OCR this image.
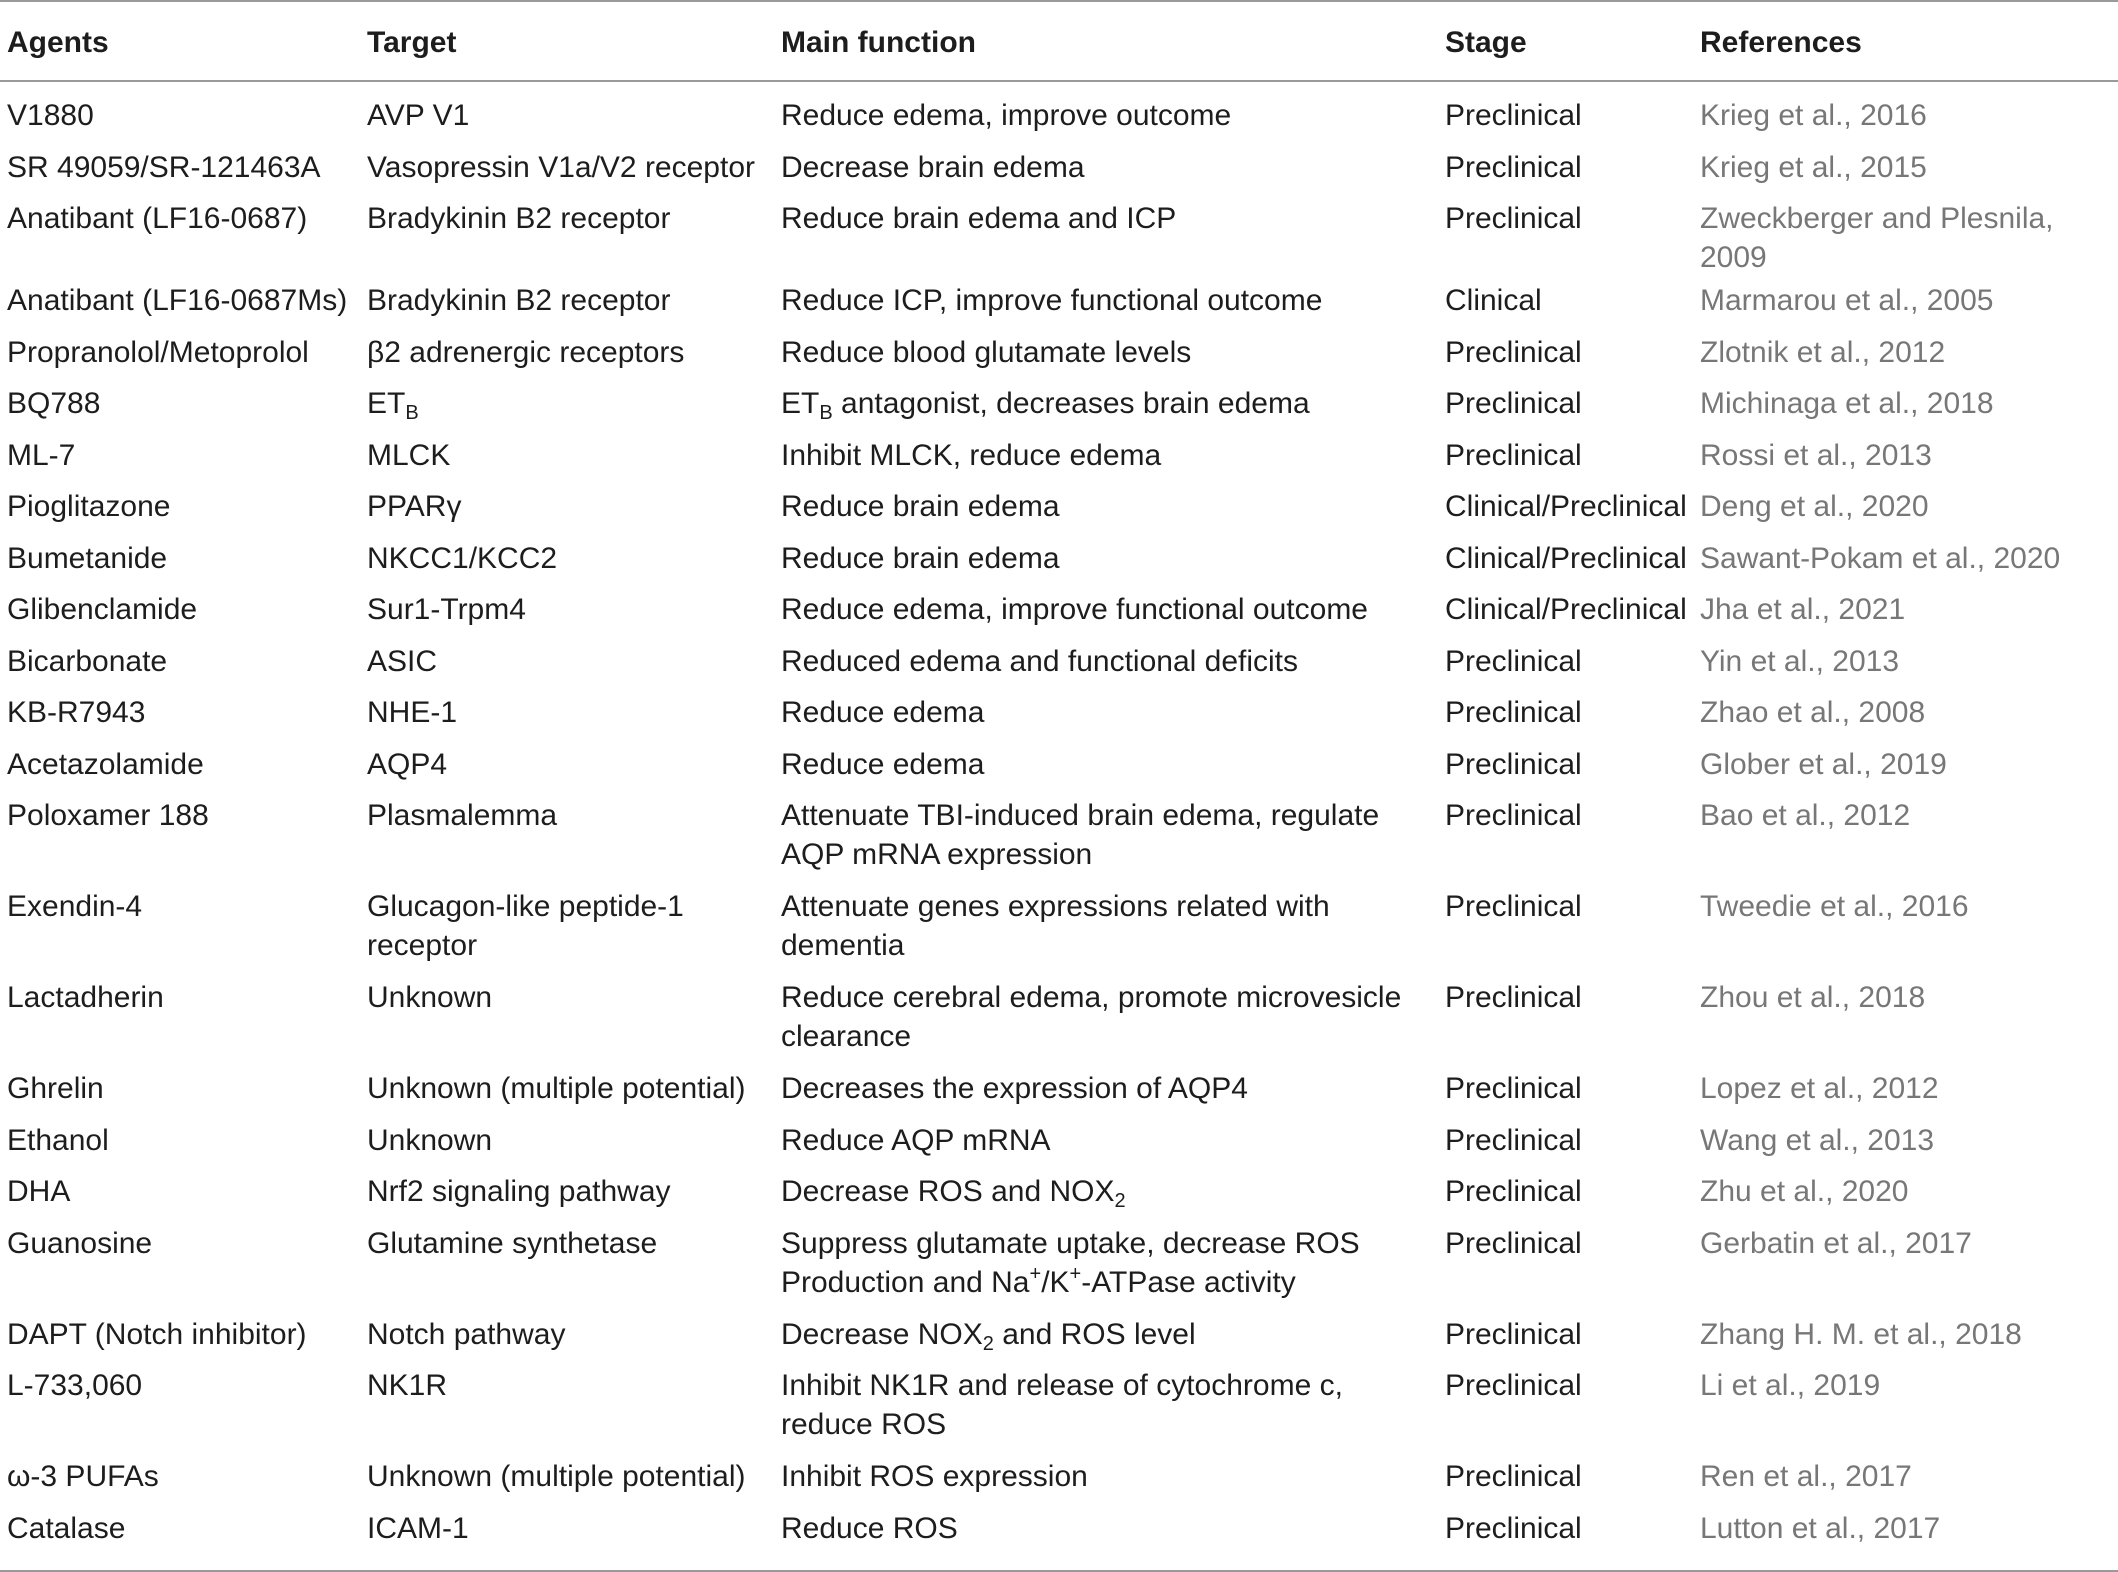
Agents	Target	Main function	Stage	References
V1880	AVP V1	Reduce edema, improve outcome	Preclinical	Krieg et al., 2016
SR 49059/SR-121463A	Vasopressin V1a/V2 receptor	Decrease brain edema	Preclinical	Krieg et al., 2015
Anatibant (LF16-0687)	Bradykinin B2 receptor	Reduce brain edema and ICP	Preclinical	Zweckberger and Plesnila, 2009
Anatibant (LF16-0687Ms)	Bradykinin B2 receptor	Reduce ICP, improve functional outcome	Clinical	Marmarou et al., 2005
Propranolol/Metoprolol	β2 adrenergic receptors	Reduce blood glutamate levels	Preclinical	Zlotnik et al., 2012
BQ788	$ET_B$	$ET_B$ antagonist, decreases brain edema	Preclinical	Michinaga et al., 2018
ML-7	MLCK	Inhibit MLCK, reduce edema	Preclinical	Rossi et al., 2013
Pioglitazone	PPARγ	Reduce brain edema	Clinical/Preclinical	Deng et al., 2020
Bumetanide	NKCC1/KCC2	Reduce brain edema	Clinical/Preclinical	Sawant-Pokam et al., 2020
Glibenclamide	Sur1-Trpm4	Reduce edema, improve functional outcome	Clinical/Preclinical	Jha et al., 2021
Bicarbonate	ASIC	Reduced edema and functional deficits	Preclinical	Yin et al., 2013
KB-R7943	NHE-1	Reduce edema	Preclinical	Zhao et al., 2008
Acetazolamide	AQP4	Reduce edema	Preclinical	Glober et al., 2019
Poloxamer 188	Plasmalemma	Attenuate TBI-induced brain edema, regulate AQP mRNA expression	Preclinical	Bao et al., 2012
Exendin-4	Glucagon-like peptide-1 receptor	Attenuate genes expressions related with dementia	Preclinical	Tweedie et al., 2016
Lactadherin	Unknown	Reduce cerebral edema, promote microvesicle clearance	Preclinical	Zhou et al., 2018
Ghrelin	Unknown (multiple potential)	Decreases the expression of AQP4	Preclinical	Lopez et al., 2012
Ethanol	Unknown	Reduce AQP mRNA	Preclinical	Wang et al., 2013
DHA	Nrf2 signaling pathway	Decrease ROS and $NOX_2$	Preclinical	Zhu et al., 2020
Guanosine	Glutamine synthetase	Suppress glutamate uptake, decrease ROS Production and Na+/K+-ATPase activity	Preclinical	Gerbatin et al., 2017
DAPT (Notch inhibitor)	Notch pathway	Decrease $NOX_2$ and ROS level	Preclinical	Zhang H. M. et al., 2018
L-733,060	NK1R	Inhibit NK1R and release of cytochrome c, reduce ROS	Preclinical	Li et al., 2019
ω-3 PUFAs	Unknown (multiple potential)	Inhibit ROS expression	Preclinical	Ren et al., 2017
Catalase	ICAM-1	Reduce ROS	Preclinical	Lutton et al., 2017
